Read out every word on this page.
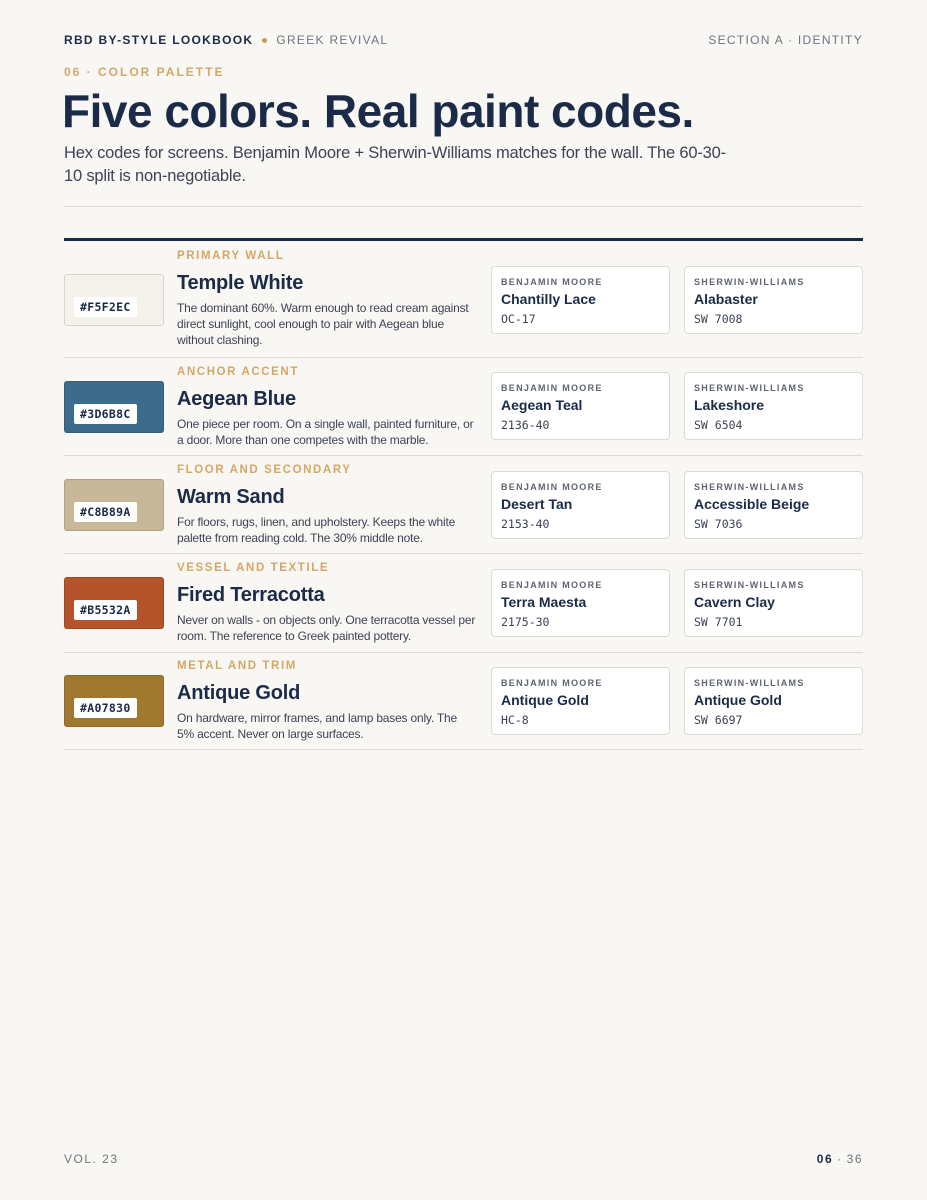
RBD BY-STYLE LOOKBOOK GREEK REVIVAL	SECTION A · IDENTITY
06 · COLOR PALETTE
Five colors. Real paint codes.

Hex codes for screens. Benjamin Moore + Sherwin-Williams matches for the wall. The 60-30-10 split is non-negotiable.

#F5F2EC
PRIMARY WALL
Temple White
The dominant 60%. Warm enough to read cream against direct sunlight, cool enough to pair with Aegean blue without clashing.
BENJAMIN MOORE
Chantilly Lace
OC-17
SHERWIN-WILLIAMS
Alabaster
SW 7008
#3D6B8C
ANCHOR ACCENT
Aegean Blue
One piece per room. On a single wall, painted furniture, or a door. More than one competes with the marble.
BENJAMIN MOORE
Aegean Teal
2136-40
SHERWIN-WILLIAMS
Lakeshore
SW 6504
#C8B89A
FLOOR AND SECONDARY
Warm Sand
For floors, rugs, linen, and upholstery. Keeps the white palette from reading cold. The 30% middle note.
BENJAMIN MOORE
Desert Tan
2153-40
SHERWIN-WILLIAMS
Accessible Beige
SW 7036
#B5532A
VESSEL AND TEXTILE
Fired Terracotta
Never on walls - on objects only. One terracotta vessel per room. The reference to Greek painted pottery.
BENJAMIN MOORE
Terra Maesta
2175-30
SHERWIN-WILLIAMS
Cavern Clay
SW 7701
#A07830
METAL AND TRIM
Antique Gold
On hardware, mirror frames, and lamp bases only. The 5% accent. Never on large surfaces.
BENJAMIN MOORE
Antique Gold
HC-8
SHERWIN-WILLIAMS
Antique Gold
SW 6697
VOL. 23	06 · 36
